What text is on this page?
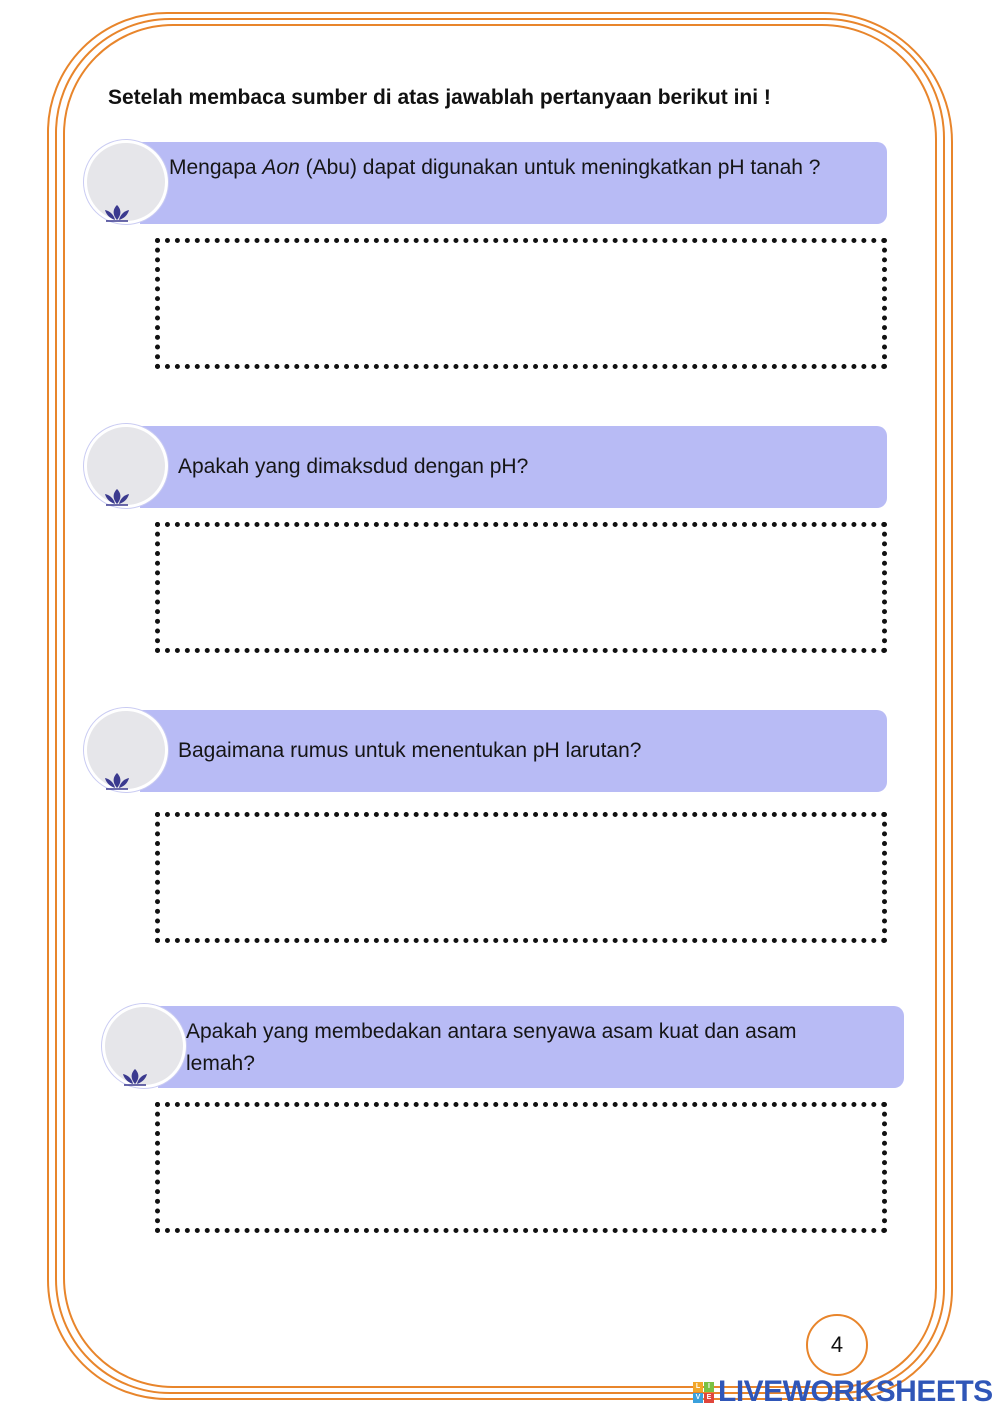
Setelah membaca sumber di atas jawablah pertanyaan berikut ini !
Mengapa Aon (Abu) dapat digunakan untuk meningkatkan pH tanah ?
Apakah yang dimaksdud dengan pH?
Bagaimana rumus untuk menentukan pH larutan?
Apakah yang membedakan antara senyawa asam kuat dan asam lemah?
4
L	I
V E LIVEWORKSHEETS
